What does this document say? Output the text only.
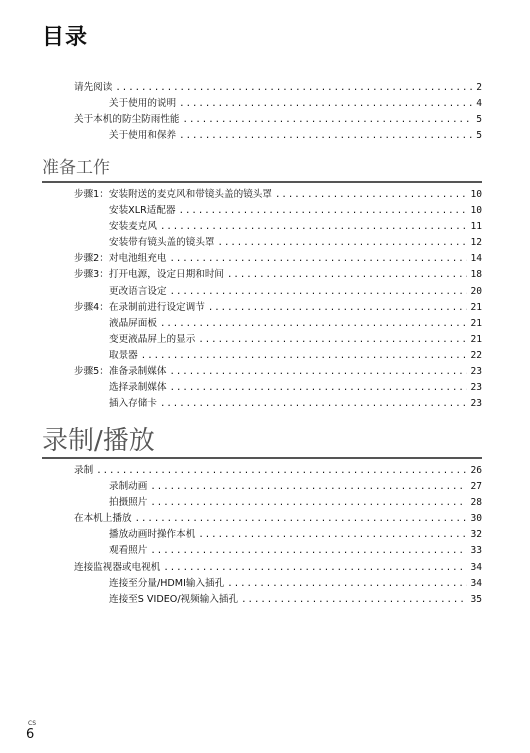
目录
请先阅读 .....	2
关于使用的说明 .....	4
关于本机的防尘防雨性能 .....	5
关于使用和保养 .....	5
准备工作
步骤1：安装附送的麦克风和带镜头盖的镜头罩 .....	10
安装XLR适配器 .....	10
安装麦克风 .....	11
安装带有镜头盖的镜头罩 .....	12
步骤2：对电池组充电 .....	14
步骤3：打开电源，设定日期和时间 .....	18
更改语言设定 .....	20
步骤4：在录制前进行设定调节 .....	21
液晶屏面板 .....	21
变更液晶屏上的显示 .....	21
取景器 .....	22
步骤5：准备录制媒体 .....	23
选择录制媒体 .....	23
插入存储卡 .....	23
录制/播放
录制 .....	26
录制动画 .....	27
拍摄照片 .....	28
在本机上播放 .....	30
播放动画时操作本机 .....	32
观看照片 .....	33
连接监视器或电视机 .....	34
连接至分量/HDMI输入插孔 .....	34
连接至S VIDEO/视频输入插孔 .....	35
CS
6
